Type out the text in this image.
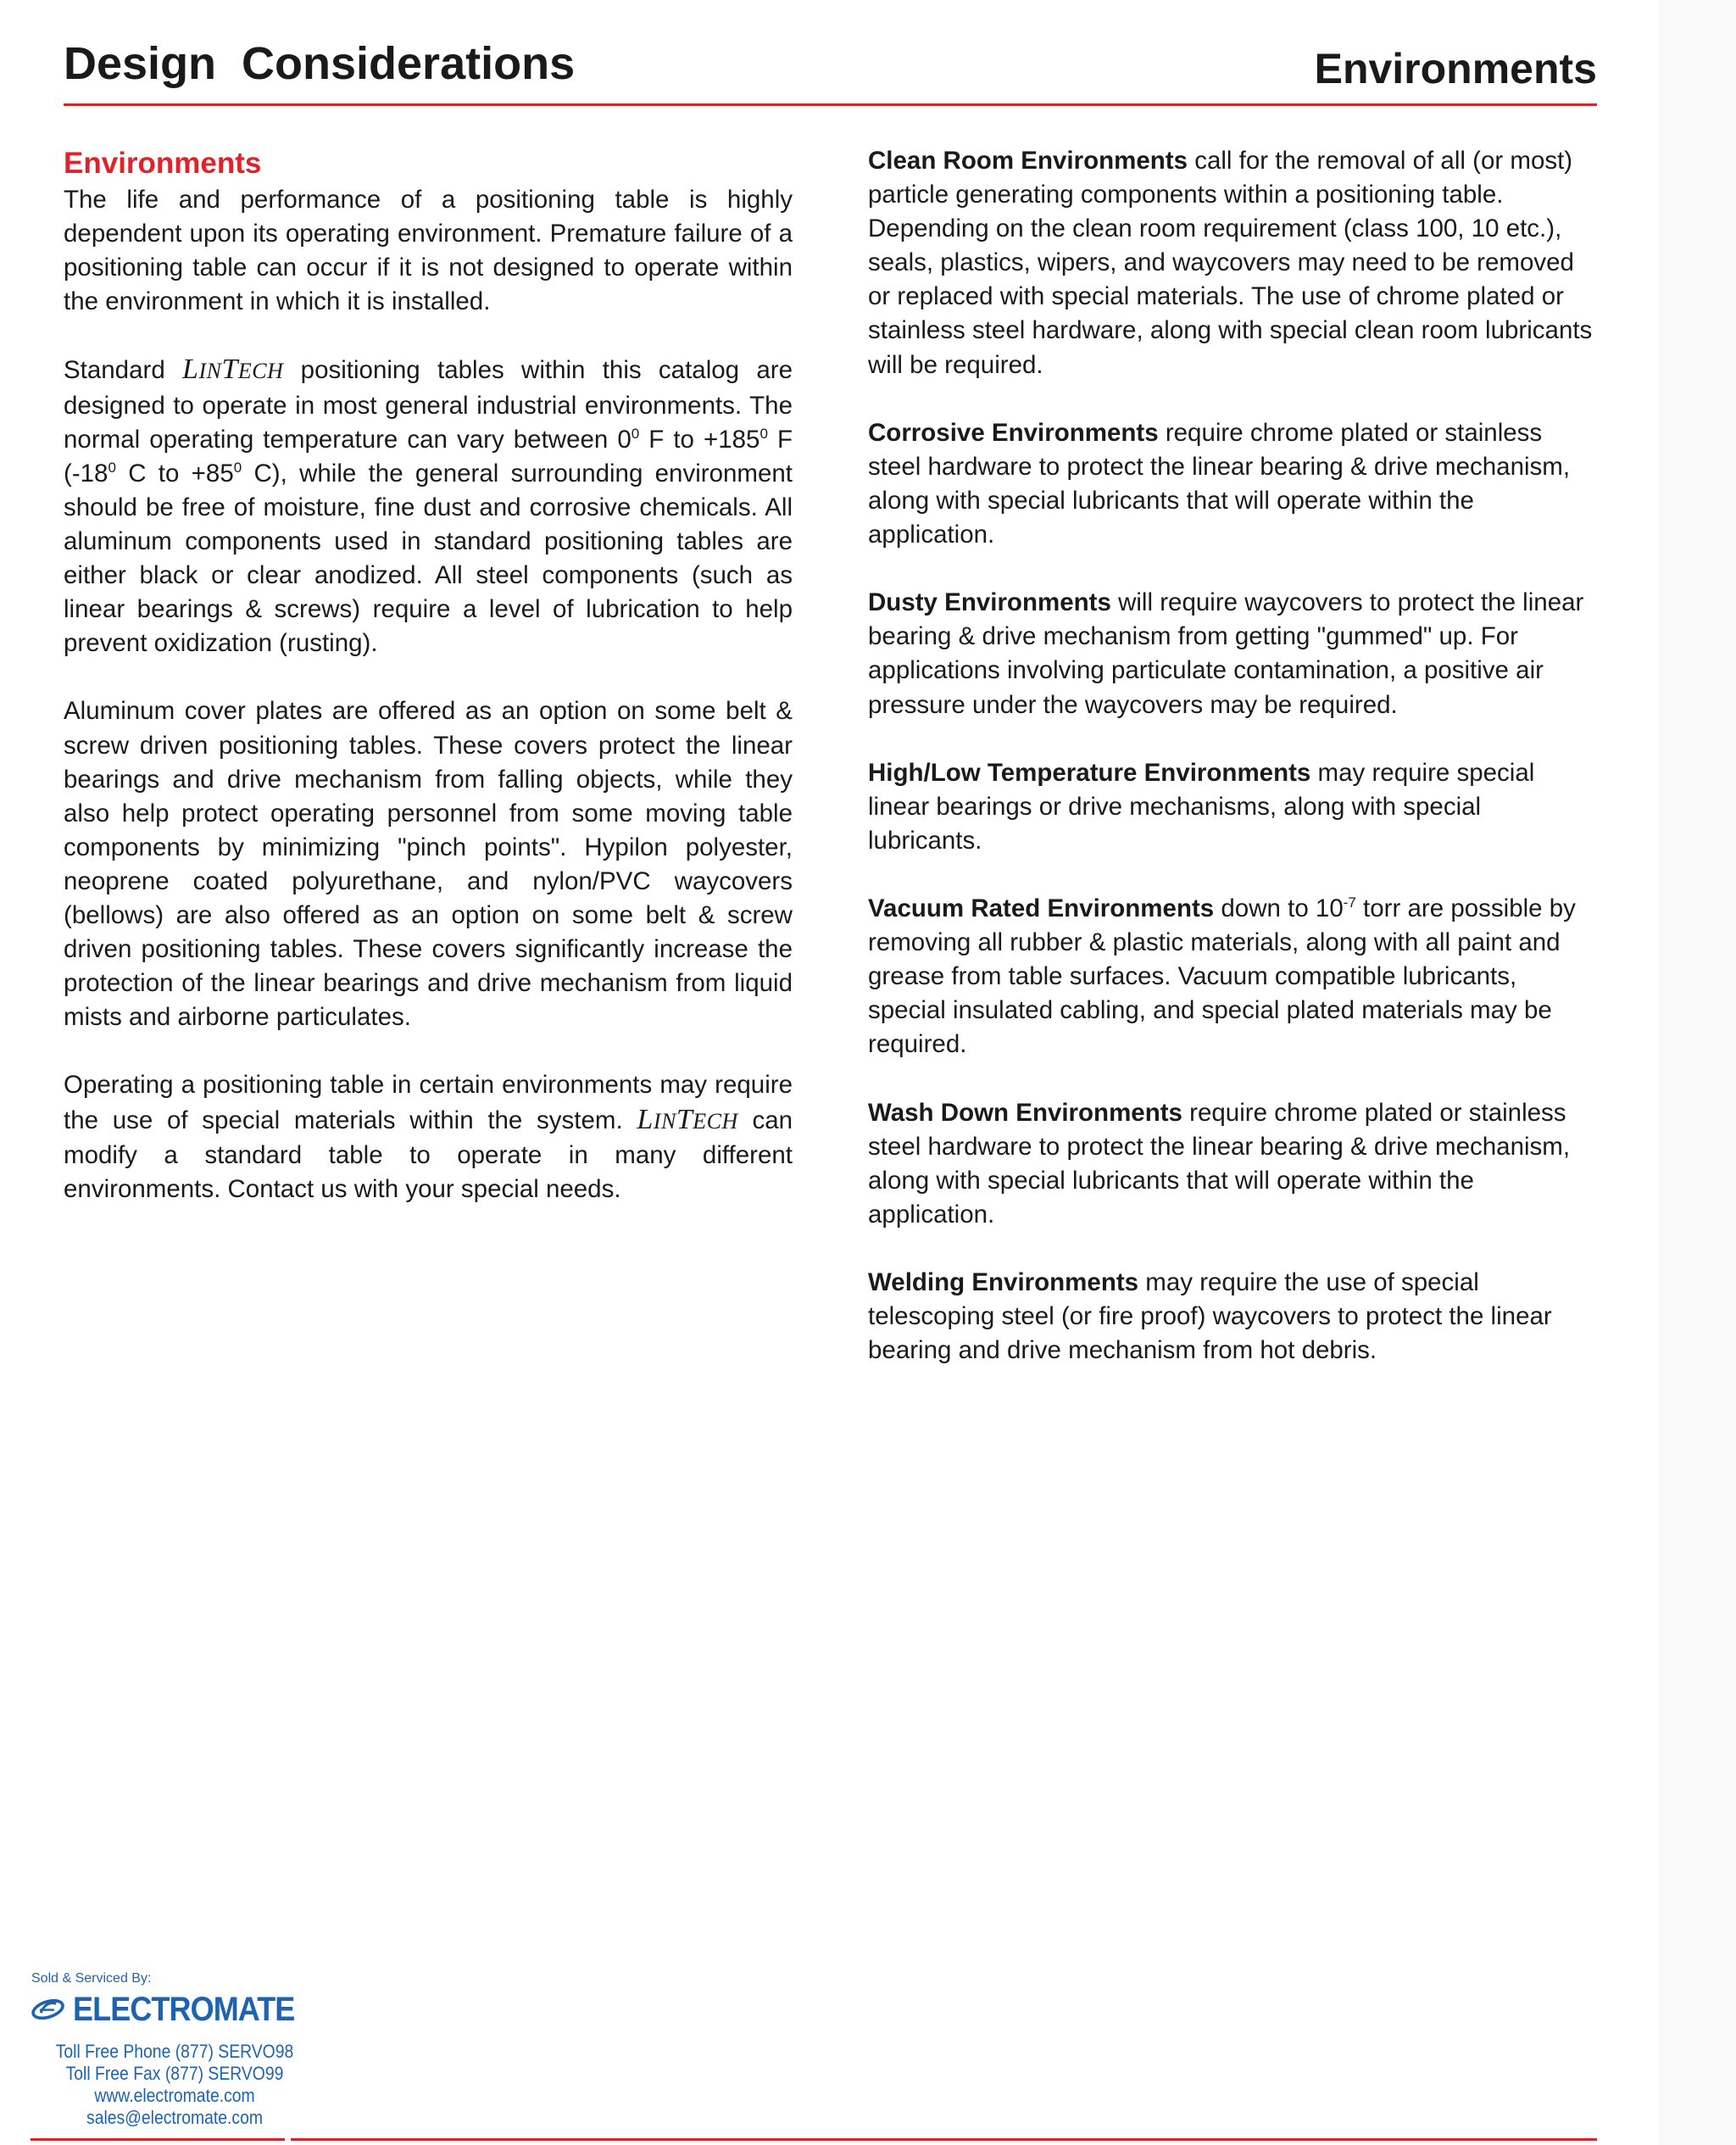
Design  Considerations	Environments
Environments

The life and performance of a positioning table is highly dependent upon its operating environment. Premature failure of a positioning table can occur if it is not designed to operate within the environment in which it is installed.

Standard LINTECH positioning tables within this catalog are designed to operate in most general industrial environments. The normal operating temperature can vary between $0^0$ F to $+185^0$ F ($-18^0$ C to $+85^0$ C), while the general surrounding environment should be free of moisture, fine dust and corrosive chemicals. All aluminum components used in standard positioning tables are either black or clear anodized. All steel components (such as linear bearings & screws) require a level of lubrication to help prevent oxidization (rusting).

Aluminum cover plates are offered as an option on some belt & screw driven positioning tables. These covers protect the linear bearings and drive mechanism from falling objects, while they also help protect operating personnel from some moving table components by minimizing "pinch points". Hypilon polyester, neoprene coated polyurethane, and nylon/PVC waycovers (bellows) are also offered as an option on some belt & screw driven positioning tables. These covers significantly increase the protection of the linear bearings and drive mechanism from liquid mists and airborne particulates.

Operating a positioning table in certain environments may require the use of special materials within the system. LINTECH can modify a standard table to operate in many different environments. Contact us with your special needs.

Clean Room Environments call for the removal of all (or most) particle generating components within a positioning table. Depending on the clean room requirement (class 100, 10 etc.), seals, plastics, wipers, and waycovers may need to be removed or replaced with special materials. The use of chrome plated or stainless steel hardware, along with special clean room lubricants will be required.

Corrosive Environments require chrome plated or stainless steel hardware to protect the linear bearing & drive mechanism, along with special lubricants that will operate within the application.

Dusty Environments will require waycovers to protect the linear bearing & drive mechanism from getting "gummed" up. For applications involving particulate contamination, a positive air pressure under the waycovers may be required.

High/Low Temperature Environments may require special linear bearings or drive mechanisms, along with special lubricants.

Vacuum Rated Environments down to $10^{-7}$ torr are possible by removing all rubber & plastic materials, along with all paint and grease from table surfaces. Vacuum compatible lubricants, special insulated cabling, and special plated materials may be required.

Wash Down Environments require chrome plated or stainless steel hardware to protect the linear bearing & drive mechanism, along with special lubricants that will operate within the application.

Welding Environments may require the use of special telescoping steel (or fire proof) waycovers to protect the linear bearing and drive mechanism from hot debris.

Sold & Serviced By:
ELECTROMATE
Toll Free Phone (877) SERVO98
Toll Free Fax (877) SERVO99
www.electromate.com
sales@electromate.com
